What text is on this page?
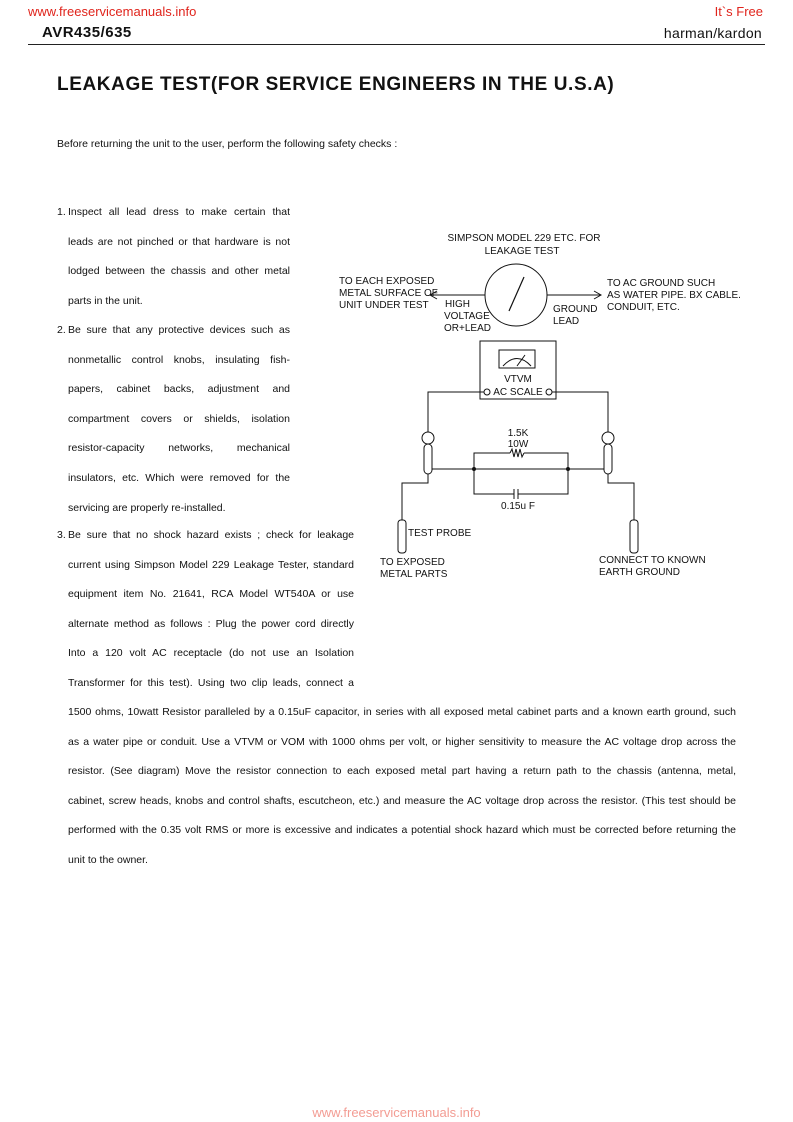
www.freeservicemanuals.info	It`s Free
AVR435/635	harman/kardon
LEAKAGE TEST(FOR SERVICE ENGINEERS IN THE U.S.A)
Before returning the unit to the user, perform the following safety checks :
1. Inspect all lead dress to make certain that
leads are not pinched or that hardware is not
lodged between the chassis and other metal
parts in the unit.
2. Be sure that any protective devices such as
nonmetallic control knobs, insulating fish-
papers, cabinet backs, adjustment and
compartment covers or shields, isolation
resistor-capacity networks, mechanical
insulators, etc. Which were removed for the
servicing are properly re-installed.
3. Be sure that no shock hazard exists ; check for leakage
current using Simpson Model 229 Leakage Tester, standard
equipment item No. 21641, RCA Model WT540A or use
alternate method as follows : Plug the power cord directly
Into a 120 volt AC receptacle (do not use an Isolation
Transformer for this test). Using two clip leads, connect a
1500 ohms, 10watt Resistor paralleled by a 0.15uF capacitor, in series with all exposed metal cabinet parts and a known earth ground, such
as a water pipe or conduit. Use a VTVM or VOM with 1000 ohms per volt, or higher sensitivity to measure the AC voltage drop across the
resistor. (See diagram) Move the resistor connection to each exposed metal part having a return path to the chassis (antenna, metal,
cabinet, screw heads, knobs and control shafts, escutcheon, etc.) and measure the AC voltage drop across the resistor. (This test should be
performed with the 0.35 volt RMS or more is excessive and indicates a potential shock hazard which must be corrected before returning the
unit to the owner.
SIMPSON MODEL 229 ETC. FOR
LEAKAGE TEST
TO EACH EXPOSED
METAL SURFACE OF
UNIT UNDER TEST
TO AC GROUND SUCH
AS WATER PIPE. BX CABLE.
CONDUIT, ETC.
HIGH
VOLTAGE
OR+LEAD
GROUND
LEAD
VTVM
AC SCALE
1.5K
10W
0.15u F
TEST PROBE
TO EXPOSED
METAL PARTS
CONNECT TO KNOWN
EARTH GROUND
www.freeservicemanuals.info
